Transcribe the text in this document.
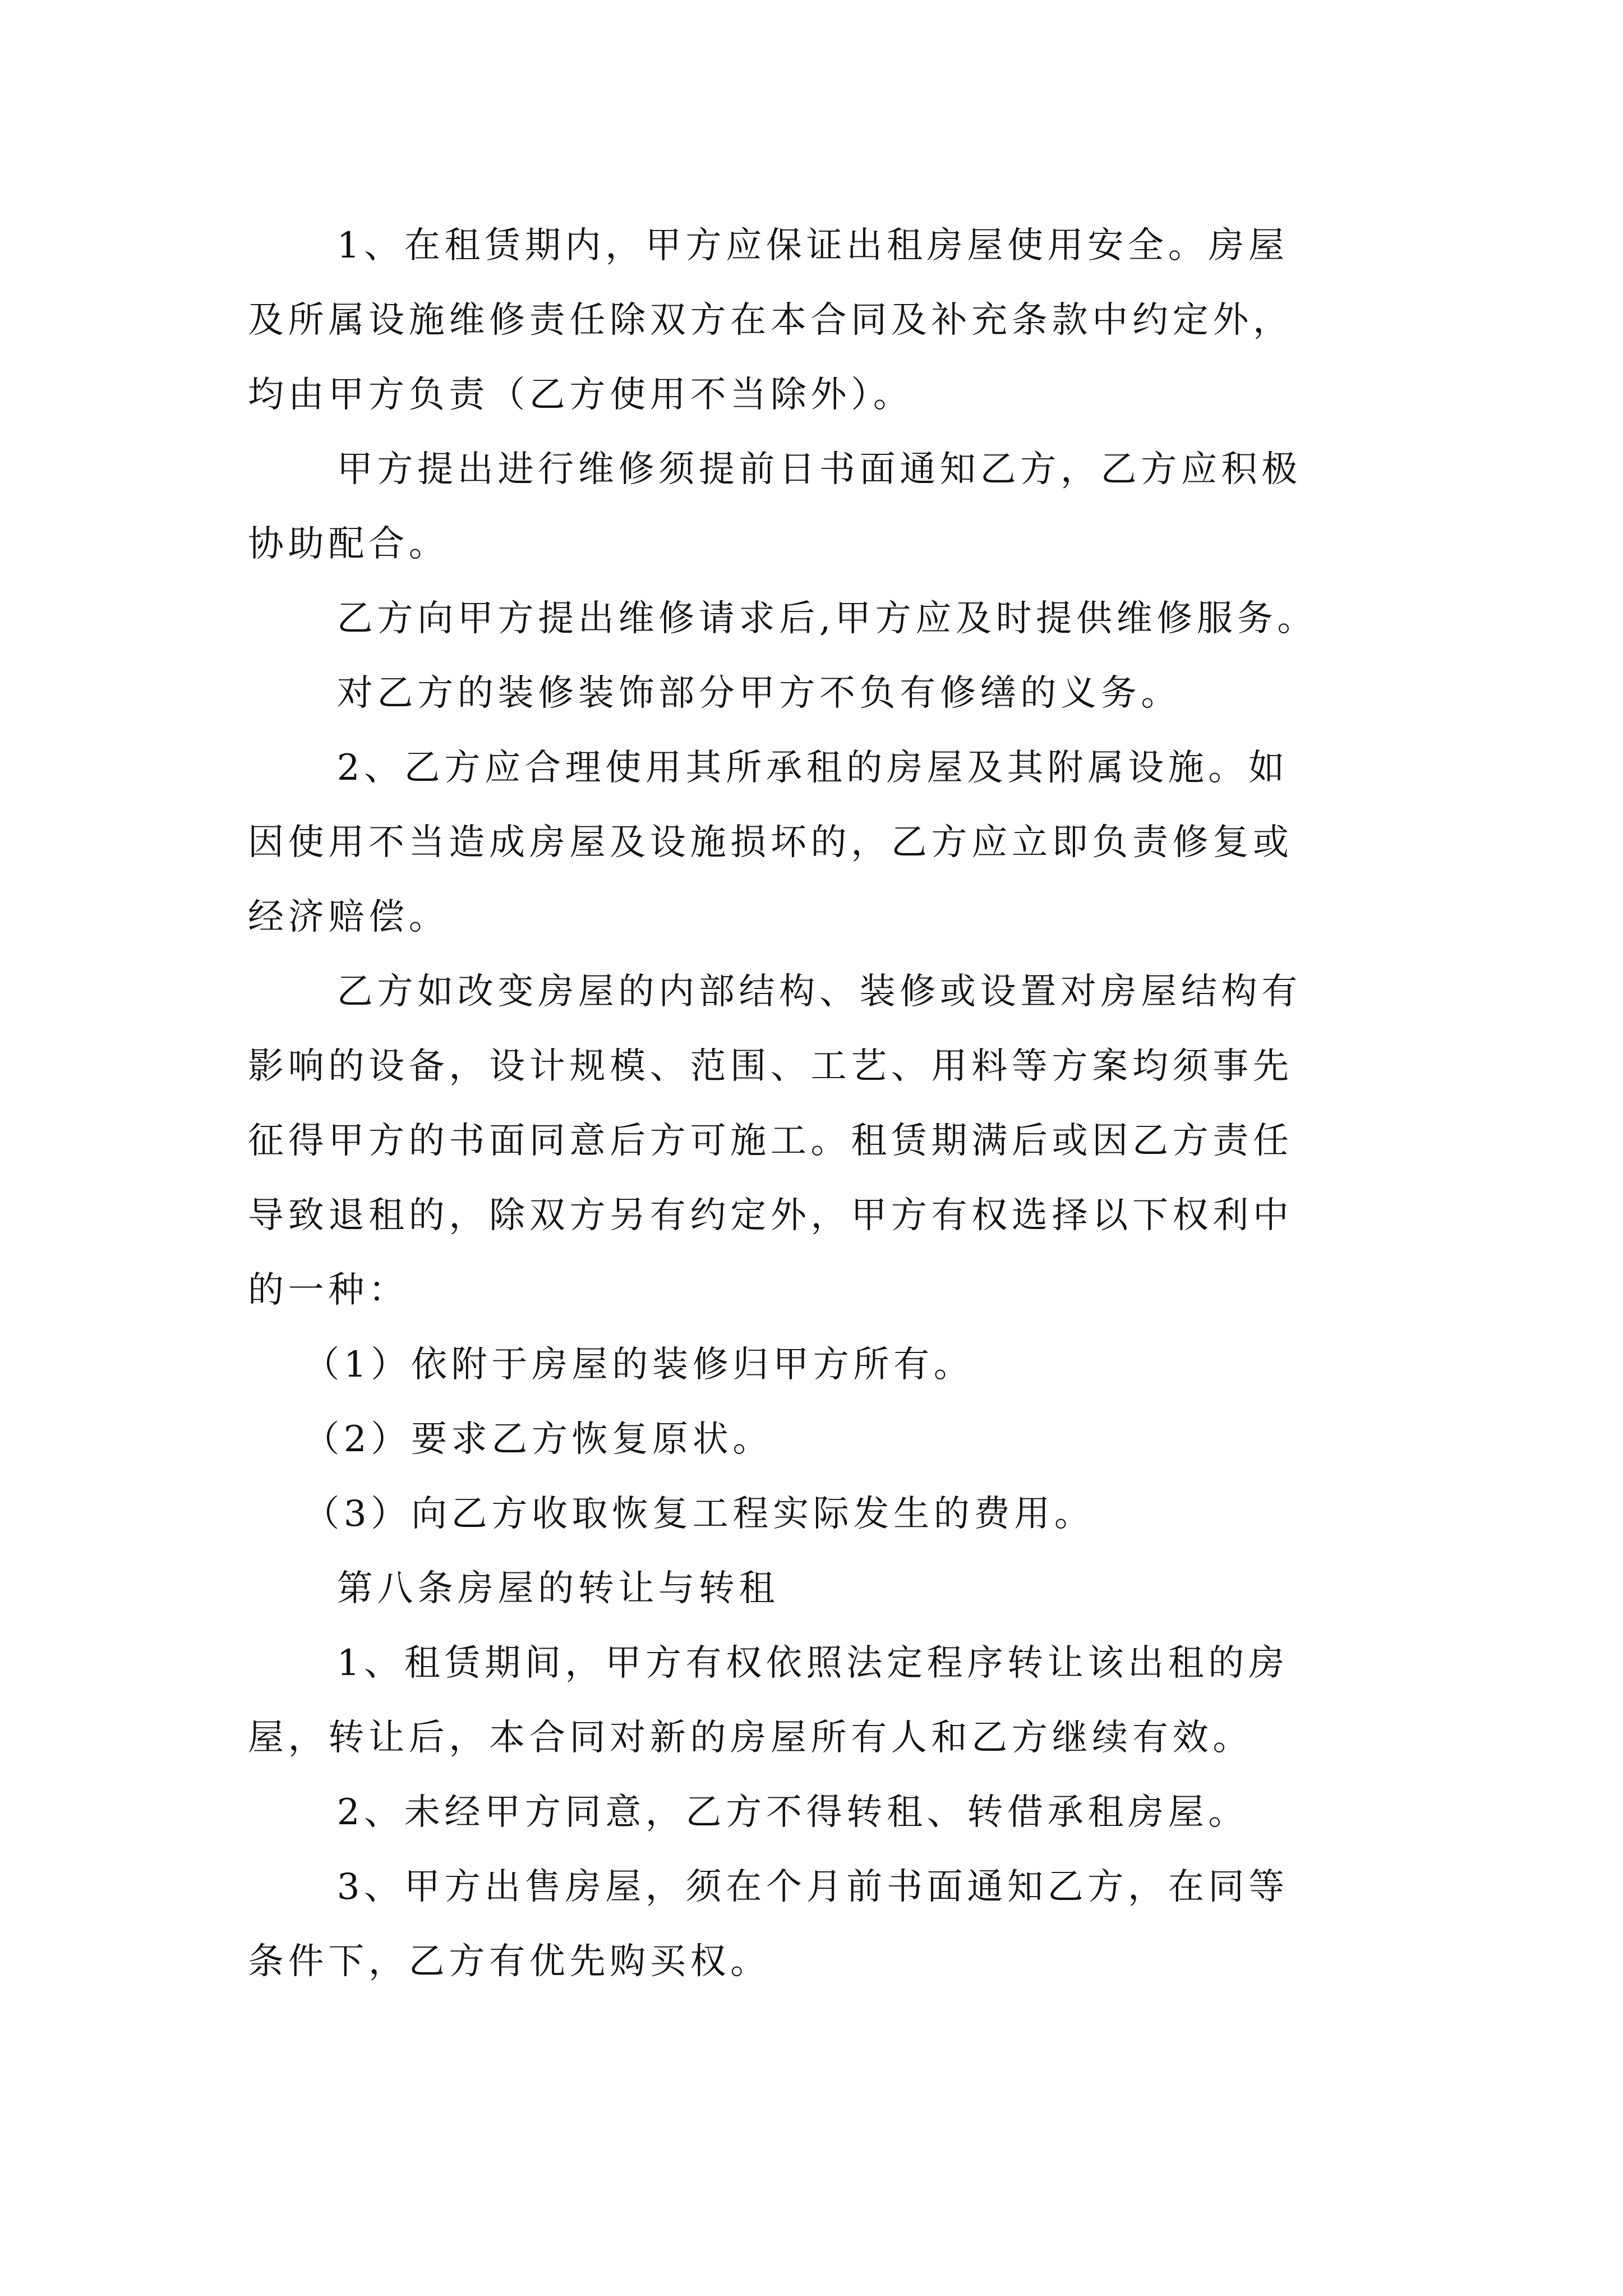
1、在租赁期内，甲方应保证出租房屋使用安全。房屋
及所属设施维修责任除双方在本合同及补充条款中约定外，
均由甲方负责（乙方使用不当除外）。

甲方提出进行维修须提前日书面通知乙方，乙方应积极
协助配合。

乙方向甲方提出维修请求后,甲方应及时提供维修服务。

对乙方的装修装饰部分甲方不负有修缮的义务。

2、乙方应合理使用其所承租的房屋及其附属设施。如
因使用不当造成房屋及设施损坏的，乙方应立即负责修复或
经济赔偿。

乙方如改变房屋的内部结构、装修或设置对房屋结构有
影响的设备，设计规模、范围、工艺、用料等方案均须事先
征得甲方的书面同意后方可施工。租赁期满后或因乙方责任
导致退租的，除双方另有约定外，甲方有权选择以下权利中
的一种：

（1）依附于房屋的装修归甲方所有。

（2）要求乙方恢复原状。

（3）向乙方收取恢复工程实际发生的费用。

第八条房屋的转让与转租

1、租赁期间，甲方有权依照法定程序转让该出租的房
屋，转让后，本合同对新的房屋所有人和乙方继续有效。

2、未经甲方同意，乙方不得转租、转借承租房屋。

3、甲方出售房屋，须在个月前书面通知乙方，在同等
条件下，乙方有优先购买权。
